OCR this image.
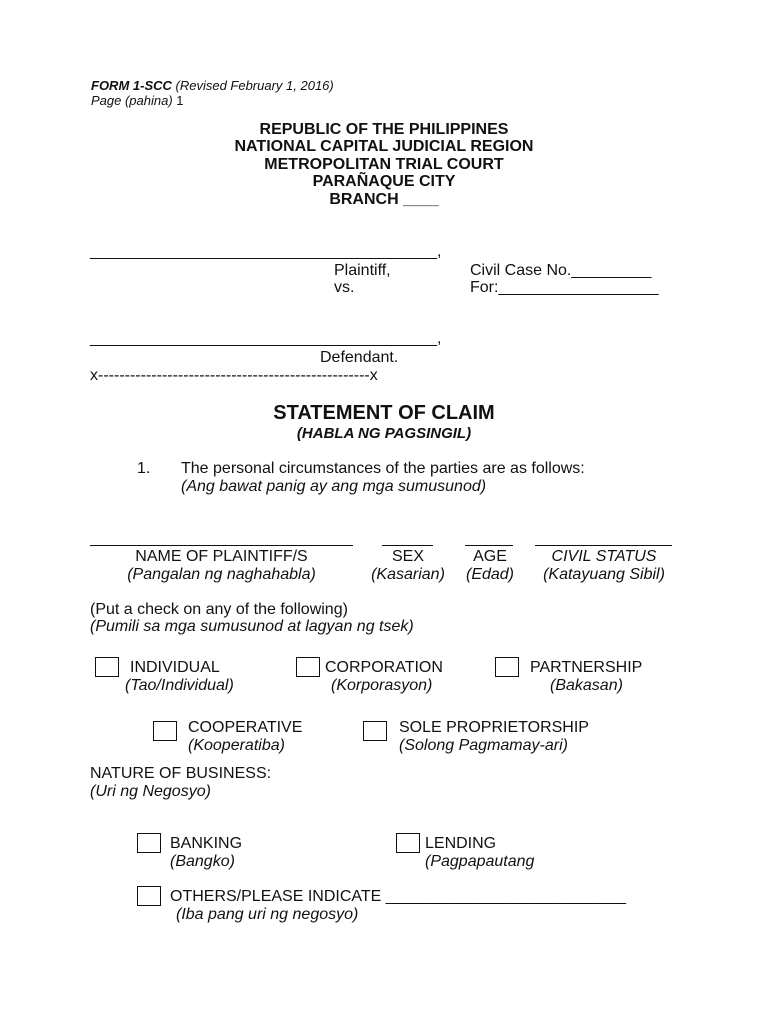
FORM 1-SCC (Revised February 1, 2016)
Page (pahina) 1
REPUBLIC OF THE PHILIPPINES
NATIONAL CAPITAL JUDICIAL REGION
METROPOLITAN TRIAL COURT
PARAÑAQUE CITY
BRANCH ____
_______________________________________,
Plaintiff,
vs.
Civil Case No._________
For:__________________
_______________________________________,
Defendant.
x---------------------------------------------------x
STATEMENT OF CLAIM
(HABLA NG PAGSINGIL)
1. The personal circumstances of the parties are as follows:
(Ang bawat panig ay ang mga sumusunod)
NAME OF PLAINTIFF/S
(Pangalan ng naghahabla)
SEX
(Kasarian)
AGE
(Edad)
CIVIL STATUS
(Katayuang Sibil)
(Put a check on any of the following)
(Pumili sa mga sumusunod at lagyan ng tsek)
INDIVIDUAL
(Tao/Individual)
CORPORATION
(Korporasyon)
PARTNERSHIP
(Bakasan)
COOPERATIVE
(Kooperatiba)
SOLE PROPRIETORSHIP
(Solong Pagmamay-ari)
NATURE OF BUSINESS:
(Uri ng Negosyo)
BANKING
(Bangko)
LENDING
(Pagpapautang
OTHERS/PLEASE INDICATE ___________________________
(Iba pang uri ng negosyo)
